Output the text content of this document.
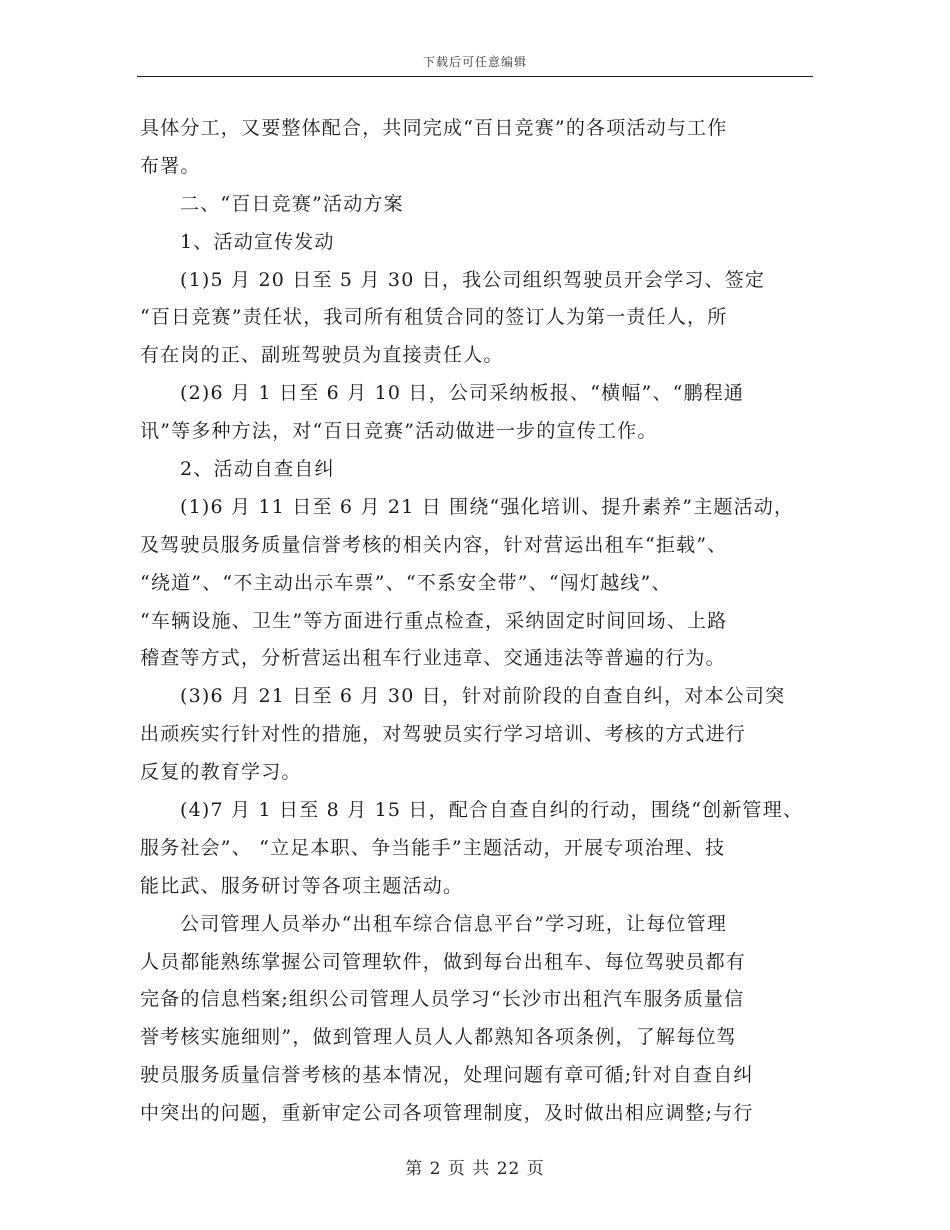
下载后可任意编辑
具体分工，又要整体配合，共同完成“百日竞赛”的各项活动与工作
布署。
二、“百日竞赛”活动方案
1、活动宣传发动
(1)5 月 20 日至 5 月 30 日，我公司组织驾驶员开会学习、签定
“百日竞赛”责任状，我司所有租赁合同的签订人为第一责任人，所
有在岗的正、副班驾驶员为直接责任人。
(2)6 月 1 日至 6 月 10 日，公司采纳板报、“横幅”、“鹏程通
讯”等多种方法，对“百日竞赛”活动做进一步的宣传工作。
2、活动自查自纠
(1)6 月 11 日至 6 月 21 日 围绕“强化培训、提升素养”主题活动，
及驾驶员服务质量信誉考核的相关内容，针对营运出租车“拒载”、
“绕道”、“不主动出示车票”、“不系安全带”、“闯灯越线”、
“车辆设施、卫生”等方面进行重点检查，采纳固定时间回场、上路
稽查等方式，分析营运出租车行业违章、交通违法等普遍的行为。
(3)6 月 21 日至 6 月 30 日，针对前阶段的自查自纠，对本公司突
出顽疾实行针对性的措施，对驾驶员实行学习培训、考核的方式进行
反复的教育学习。
(4)7 月 1 日至 8 月 15 日，配合自查自纠的行动，围绕“创新管理、
服务社会”、 “立足本职、争当能手”主题活动，开展专项治理、技
能比武、服务研讨等各项主题活动。
公司管理人员举办“出租车综合信息平台”学习班，让每位管理
人员都能熟练掌握公司管理软件，做到每台出租车、每位驾驶员都有
完备的信息档案;组织公司管理人员学习“长沙市出租汽车服务质量信
誉考核实施细则”，做到管理人员人人都熟知各项条例，了解每位驾
驶员服务质量信誉考核的基本情况，处理问题有章可循;针对自查自纠
中突出的问题，重新审定公司各项管理制度，及时做出相应调整;与行
第 2 页 共 22 页
